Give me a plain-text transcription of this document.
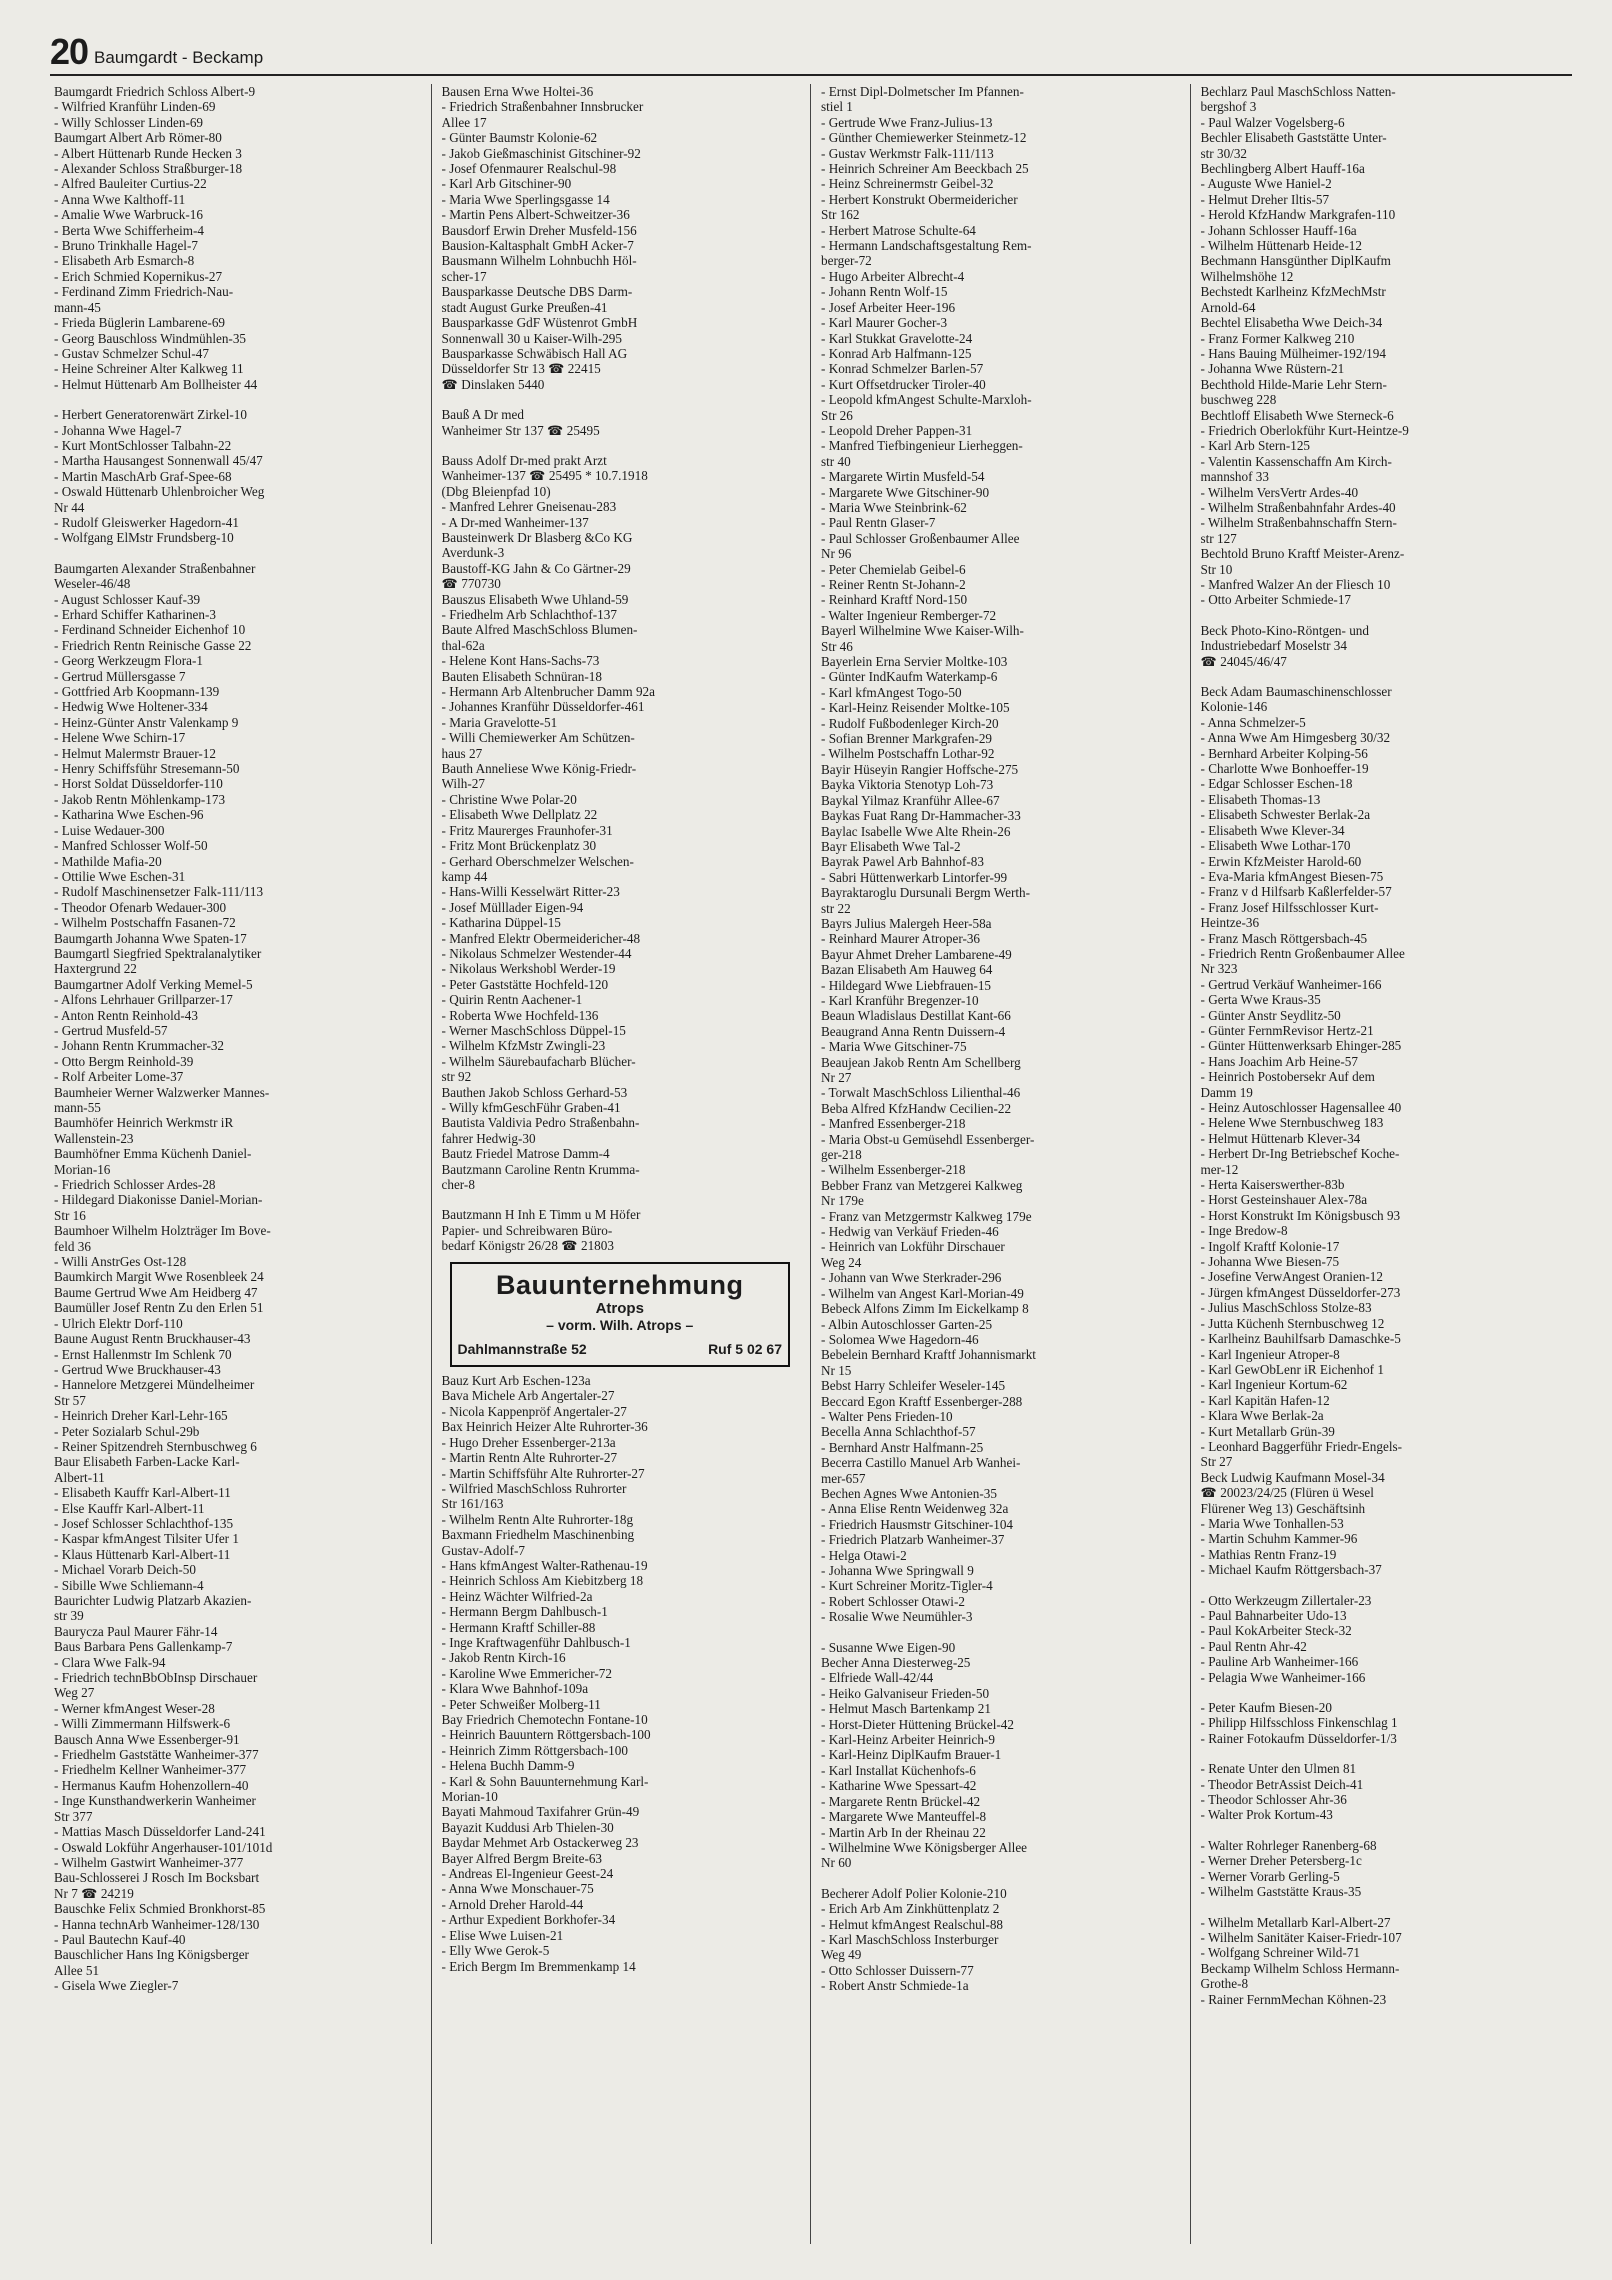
20 Baumgardt - Beckamp
Baumgardt Friedrich Schloss Albert-9
- Wilfried Kranführ Linden-69
- Willy Schlosser Linden-69
Baumgart Albert Arb Römer-80
- Albert Hüttenarb Runde Hecken 3
- Alexander Schloss Straßburger-18
- Alfred Bauleiter Curtius-22
- Anna Wwe Kalthoff-11
- Amalie Wwe Warbruck-16
- Berta Wwe Schifferheim-4
- Bruno Trinkhalle Hagel-7
- Elisabeth Arb Esmarch-8
- Erich Schmied Kopernikus-27
- Ferdinand Zimm Friedrich-Nau-
mann-45
- Frieda Büglerin Lambarene-69
- Georg Bauschloss Windmühlen-35
- Gustav Schmelzer Schul-47
- Heine Schreiner Alter Kalkweg 11
- Helmut Hüttenarb Am Bollheister 44
- Herbert Generatorenwärt Zirkel-10
- Johanna Wwe Hagel-7
- Kurt MontSchlosser Talbahn-22
- Martha Hausangest Sonnenwall 45/47
- Martin MaschArb Graf-Spee-68
- Oswald Hüttenarb Uhlenbroicher Weg
Nr 44
- Rudolf Gleiswerker Hagedorn-41
- Wolfgang ElMstr Frundsberg-10
Baumgarten Alexander Straßenbahner
Weseler-46/48
- August Schlosser Kauf-39
- Erhard Schiffer Katharinen-3
- Ferdinand Schneider Eichenhof 10
- Friedrich Rentn Reinische Gasse 22
- Georg Werkzeugm Flora-1
- Gertrud Müllersgasse 7
- Gottfried Arb Koopmann-139
- Hedwig Wwe Holtener-334
- Heinz-Günter Anstr Valenkamp 9
- Helene Wwe Schirn-17
- Helmut Malermstr Brauer-12
- Henry Schiffsführ Stresemann-50
- Horst Soldat Düsseldorfer-110
- Jakob Rentn Möhlenkamp-173
- Katharina Wwe Eschen-96
- Luise Wedauer-300
- Manfred Schlosser Wolf-50
- Mathilde Mafia-20
- Ottilie Wwe Eschen-31
- Rudolf Maschinensetzer Falk-111/113
- Theodor Ofenarb Wedauer-300
- Wilhelm Postschaffn Fasanen-72
Baumgarth Johanna Wwe Spaten-17
Baumgartl Siegfried Spektralanalytiker
Haxtergrund 22
Baumgartner Adolf Verking Memel-5
- Alfons Lehrhauer Grillparzer-17
- Anton Rentn Reinhold-43
- Gertrud Musfeld-57
- Johann Rentn Krummacher-32
- Otto Bergm Reinhold-39
- Rolf Arbeiter Lome-37
Baumheier Werner Walzwerker Mannes-
mann-55
Baumhöfer Heinrich Werkmstr iR
Wallenstein-23
Baumhöfner Emma Küchenh Daniel-
Morian-16
- Friedrich Schlosser Ardes-28
- Hildegard Diakonisse Daniel-Morian-
Str 16
Baumhoer Wilhelm Holzträger Im Bove-
feld 36
- Willi AnstrGes Ost-128
Baumkirch Margit Wwe Rosenbleek 24
Baume Gertrud Wwe Am Heidberg 47
Baumüller Josef Rentn Zu den Erlen 51
- Ulrich Elektr Dorf-110
Baune August Rentn Bruckhauser-43
- Ernst Hallenmstr Im Schlenk 70
- Gertrud Wwe Bruckhauser-43
- Hannelore Metzgerei Mündelheimer
Str 57
- Heinrich Dreher Karl-Lehr-165
- Peter Sozialarb Schul-29b
- Reiner Spitzendreh Sternbuschweg 6
Baur Elisabeth Farben-Lacke Karl-
Albert-11
- Elisabeth Kauffr Karl-Albert-11
- Else Kauffr Karl-Albert-11
- Josef Schlosser Schlachthof-135
- Kaspar kfmAngest Tilsiter Ufer 1
- Klaus Hüttenarb Karl-Albert-11
- Michael Vorarb Deich-50
- Sibille Wwe Schliemann-4
Baurichter Ludwig Platzarb Akazien-
str 39
Baurycza Paul Maurer Fähr-14
Baus Barbara Pens Gallenkamp-7
- Clara Wwe Falk-94
- Friedrich technBbObInsp Dirschauer
Weg 27
- Werner kfmAngest Weser-28
- Willi Zimmermann Hilfswerk-6
Bausch Anna Wwe Essenberger-91
- Friedhelm Gaststätte Wanheimer-377
- Friedhelm Kellner Wanheimer-377
- Hermanus Kaufm Hohenzollern-40
- Inge Kunsthandwerkerin Wanheimer
Str 377
- Mattias Masch Düsseldorfer Land-241
- Oswald Lokführ Angerhauser-101/101d
- Wilhelm Gastwirt Wanheimer-377
Bau-Schlosserei J Rosch Im Bocksbart
Nr 7 ☎ 24219
Bauschke Felix Schmied Bronkhorst-85
- Hanna technArb Wanheimer-128/130
- Paul Bautechn Kauf-40
Bauschlicher Hans Ing Königsberger
Allee 51
- Gisela Wwe Ziegler-7
Bausen Erna Wwe Holtei-36
- Friedrich Straßenbahner Innsbrucker
Allee 17
- Günter Baumstr Kolonie-62
- Jakob Gießmaschinist Gitschiner-92
- Josef Ofenmaurer Realschul-98
- Karl Arb Gitschiner-90
- Maria Wwe Sperlingsgasse 14
- Martin Pens Albert-Schweitzer-36
Bausdorf Erwin Dreher Musfeld-156
Bausion-Kaltasphalt GmbH Acker-7
Bausmann Wilhelm Lohnbuchh Höl-
scher-17
Bausparkasse Deutsche DBS Darm-
stadt August Gurke Preußen-41
Bausparkasse GdF Wüstenrot GmbH
Sonnenwall 30 u Kaiser-Wilh-295
Bausparkasse Schwäbisch Hall AG
Düsseldorfer Str 13 ☎ 22415
☎ Dinslaken 5440
Bauß A Dr med
Wanheimer Str 137 ☎ 25495
Bauss Adolf Dr-med prakt Arzt
Wanheimer-137 ☎ 25495 * 10.7.1918
(Dbg Bleienpfad 10)
- Manfred Lehrer Gneisenau-283
- A Dr-med Wanheimer-137
Bausteinwerk Dr Blasberg &Co KG
Averdunk-3
Baustoff-KG Jahn & Co Gärtner-29
☎ 770730
Bauszus Elisabeth Wwe Uhland-59
- Friedhelm Arb Schlachthof-137
Baute Alfred MaschSchloss Blumen-
thal-62a
- Helene Kont Hans-Sachs-73
Bauten Elisabeth Schnüran-18
- Hermann Arb Altenbrucher Damm 92a
- Johannes Kranführ Düsseldorfer-461
- Maria Gravelotte-51
- Willi Chemiewerker Am Schützen-
haus 27
Bauth Anneliese Wwe König-Friedr-
Wilh-27
- Christine Wwe Polar-20
- Elisabeth Wwe Dellplatz 22
- Fritz Maurerges Fraunhofer-31
- Fritz Mont Brückenplatz 30
- Gerhard Oberschmelzer Welschen-
kamp 44
- Hans-Willi Kesselwärt Ritter-23
- Josef Mülllader Eigen-94
- Katharina Düppel-15
- Manfred Elektr Obermeidericher-48
- Nikolaus Schmelzer Westender-44
- Nikolaus Werkshobl Werder-19
- Peter Gaststätte Hochfeld-120
- Quirin Rentn Aachener-1
- Roberta Wwe Hochfeld-136
- Werner MaschSchloss Düppel-15
- Wilhelm KfzMstr Zwingli-23
- Wilhelm Säurebaufacharb Blücher-
str 92
Bauthen Jakob Schloss Gerhard-53
- Willy kfmGeschFühr Graben-41
Bautista Valdivia Pedro Straßenbahn-
fahrer Hedwig-30
Bautz Friedel Matrose Damm-4
Bautzmann Caroline Rentn Krumma-
cher-8
Bautzmann H Inh E Timm u M Höfer
Papier- und Schreibwaren Büro-
bedarf Königstr 26/28 ☎ 21803
Bauunternehmung
Atrops
– vorm. Wilh. Atrops –
Dahlmannstraße 52	Ruf 5 02 67
Bauz Kurt Arb Eschen-123a
Bava Michele Arb Angertaler-27
- Nicola Kappenpröf Angertaler-27
Bax Heinrich Heizer Alte Ruhrorter-36
- Hugo Dreher Essenberger-213a
- Martin Rentn Alte Ruhrorter-27
- Martin Schiffsführ Alte Ruhrorter-27
- Wilfried MaschSchloss Ruhrorter
Str 161/163
- Wilhelm Rentn Alte Ruhrorter-18g
Baxmann Friedhelm Maschinenbing
Gustav-Adolf-7
- Hans kfmAngest Walter-Rathenau-19
- Heinrich Schloss Am Kiebitzberg 18
- Heinz Wächter Wilfried-2a
- Hermann Bergm Dahlbusch-1
- Hermann Kraftf Schiller-88
- Inge Kraftwagenführ Dahlbusch-1
- Jakob Rentn Kirch-16
- Karoline Wwe Emmericher-72
- Klara Wwe Bahnhof-109a
- Peter Schweißer Molberg-11
Bay Friedrich Chemotechn Fontane-10
- Heinrich Bauuntern Röttgersbach-100
- Heinrich Zimm Röttgersbach-100
- Helena Buchh Damm-9
- Karl & Sohn Bauunternehmung Karl-
Morian-10
Bayati Mahmoud Taxifahrer Grün-49
Bayazit Kuddusi Arb Thielen-30
Baydar Mehmet Arb Ostackerweg 23
Bayer Alfred Bergm Breite-63
- Andreas El-Ingenieur Geest-24
- Anna Wwe Monschauer-75
- Arnold Dreher Harold-44
- Arthur Expedient Borkhofer-34
- Elise Wwe Luisen-21
- Elly Wwe Gerok-5
- Erich Bergm Im Bremmenkamp 14
- Ernst Dipl-Dolmetscher Im Pfannen-
stiel 1
- Gertrude Wwe Franz-Julius-13
- Günther Chemiewerker Steinmetz-12
- Gustav Werkmstr Falk-111/113
- Heinrich Schreiner Am Beeckbach 25
- Heinz Schreinermstr Geibel-32
- Herbert Konstrukt Obermeidericher
Str 162
- Herbert Matrose Schulte-64
- Hermann Landschaftsgestaltung Rem-
berger-72
- Hugo Arbeiter Albrecht-4
- Johann Rentn Wolf-15
- Josef Arbeiter Heer-196
- Karl Maurer Gocher-3
- Karl Stukkat Gravelotte-24
- Konrad Arb Halfmann-125
- Konrad Schmelzer Barlen-57
- Kurt Offsetdrucker Tiroler-40
- Leopold kfmAngest Schulte-Marxloh-
Str 26
- Leopold Dreher Pappen-31
- Manfred Tiefbingenieur Lierheggen-
str 40
- Margarete Wirtin Musfeld-54
- Margarete Wwe Gitschiner-90
- Maria Wwe Steinbrink-62
- Paul Rentn Glaser-7
- Paul Schlosser Großenbaumer Allee
Nr 96
- Peter Chemielab Geibel-6
- Reiner Rentn St-Johann-2
- Reinhard Kraftf Nord-150
- Walter Ingenieur Remberger-72
Bayerl Wilhelmine Wwe Kaiser-Wilh-
Str 46
Bayerlein Erna Servier Moltke-103
- Günter IndKaufm Waterkamp-6
- Karl kfmAngest Togo-50
- Karl-Heinz Reisender Moltke-105
- Rudolf Fußbodenleger Kirch-20
- Sofian Brenner Markgrafen-29
- Wilhelm Postschaffn Lothar-92
Bayir Hüseyin Rangier Hoffsche-275
Bayka Viktoria Stenotyp Loh-73
Baykal Yilmaz Kranführ Allee-67
Baykas Fuat Rang Dr-Hammacher-33
Baylac Isabelle Wwe Alte Rhein-26
Bayr Elisabeth Wwe Tal-2
Bayrak Pawel Arb Bahnhof-83
- Sabri Hüttenwerkarb Lintorfer-99
Bayraktaroglu Dursunali Bergm Werth-
str 22
Bayrs Julius Malergeh Heer-58a
- Reinhard Maurer Atroper-36
Bayur Ahmet Dreher Lambarene-49
Bazan Elisabeth Am Hauweg 64
- Hildegard Wwe Liebfrauen-15
- Karl Kranführ Bregenzer-10
Beaun Wladislaus Destillat Kant-66
Beaugrand Anna Rentn Duissern-4
- Maria Wwe Gitschiner-75
Beaujean Jakob Rentn Am Schellberg
Nr 27
- Torwalt MaschSchloss Lilienthal-46
Beba Alfred KfzHandw Cecilien-22
- Manfred Essenberger-218
- Maria Obst-u Gemüsehdl Essenberger-
ger-218
- Wilhelm Essenberger-218
Bebber Franz van Metzgerei Kalkweg
Nr 179e
- Franz van Metzgermstr Kalkweg 179e
- Hedwig van Verkäuf Frieden-46
- Heinrich van Lokführ Dirschauer
Weg 24
- Johann van Wwe Sterkrader-296
- Wilhelm van Angest Karl-Morian-49
Bebeck Alfons Zimm Im Eickelkamp 8
- Albin Autoschlosser Garten-25
- Solomea Wwe Hagedorn-46
Bebelein Bernhard Kraftf Johannismarkt
Nr 15
Bebst Harry Schleifer Weseler-145
Beccard Egon Kraftf Essenberger-288
- Walter Pens Frieden-10
Becella Anna Schlachthof-57
- Bernhard Anstr Halfmann-25
Becerra Castillo Manuel Arb Wanhei-
mer-657
Bechen Agnes Wwe Antonien-35
- Anna Elise Rentn Weidenweg 32a
- Friedrich Hausmstr Gitschiner-104
- Friedrich Platzarb Wanheimer-37
- Helga Otawi-2
- Johanna Wwe Springwall 9
- Kurt Schreiner Moritz-Tigler-4
- Robert Schlosser Otawi-2
- Rosalie Wwe Neumühler-3
- Susanne Wwe Eigen-90
Becher Anna Diesterweg-25
- Elfriede Wall-42/44
- Heiko Galvaniseur Frieden-50
- Helmut Masch Bartenkamp 21
- Horst-Dieter Hüttening Brückel-42
- Karl-Heinz Arbeiter Heinrich-9
- Karl-Heinz DiplKaufm Brauer-1
- Karl Installat Küchenhofs-6
- Katharine Wwe Spessart-42
- Margarete Rentn Brückel-42
- Margarete Wwe Manteuffel-8
- Martin Arb In der Rheinau 22
- Wilhelmine Wwe Königsberger Allee
Nr 60
Becherer Adolf Polier Kolonie-210
- Erich Arb Am Zinkhüttenplatz 2
- Helmut kfmAngest Realschul-88
- Karl MaschSchloss Insterburger
Weg 49
- Otto Schlosser Duissern-77
- Robert Anstr Schmiede-1a
Bechlarz Paul MaschSchloss Natten-
bergshof 3
- Paul Walzer Vogelsberg-6
Bechler Elisabeth Gaststätte Unter-
str 30/32
Bechlingberg Albert Hauff-16a
- Auguste Wwe Haniel-2
- Helmut Dreher Iltis-57
- Herold KfzHandw Markgrafen-110
- Johann Schlosser Hauff-16a
- Wilhelm Hüttenarb Heide-12
Bechmann Hansgünther DiplKaufm
Wilhelmshöhe 12
Bechstedt Karlheinz KfzMechMstr
Arnold-64
Bechtel Elisabetha Wwe Deich-34
- Franz Former Kalkweg 210
- Hans Bauing Mülheimer-192/194
- Johanna Wwe Rüstern-21
Bechthold Hilde-Marie Lehr Stern-
buschweg 228
Bechtloff Elisabeth Wwe Sterneck-6
- Friedrich Oberlokführ Kurt-Heintze-9
- Karl Arb Stern-125
- Valentin Kassenschaffn Am Kirch-
mannshof 33
- Wilhelm VersVertr Ardes-40
- Wilhelm Straßenbahnfahr Ardes-40
- Wilhelm Straßenbahnschaffn Stern-
str 127
Bechtold Bruno Kraftf Meister-Arenz-
Str 10
- Manfred Walzer An der Fliesch 10
- Otto Arbeiter Schmiede-17
Beck Photo-Kino-Röntgen- und
Industriebedarf Moselstr 34
☎ 24045/46/47
Beck Adam Baumaschinenschlosser
Kolonie-146
- Anna Schmelzer-5
- Anna Wwe Am Himgesberg 30/32
- Bernhard Arbeiter Kolping-56
- Charlotte Wwe Bonhoeffer-19
- Edgar Schlosser Eschen-18
- Elisabeth Thomas-13
- Elisabeth Schwester Berlak-2a
- Elisabeth Wwe Klever-34
- Elisabeth Wwe Lothar-170
- Erwin KfzMeister Harold-60
- Eva-Maria kfmAngest Biesen-75
- Franz v d Hilfsarb Kaßlerfelder-57
- Franz Josef Hilfsschlosser Kurt-
Heintze-36
- Franz Masch Röttgersbach-45
- Friedrich Rentn Großenbaumer Allee
Nr 323
- Gertrud Verkäuf Wanheimer-166
- Gerta Wwe Kraus-35
- Günter Anstr Seydlitz-50
- Günter FernmRevisor Hertz-21
- Günter Hüttenwerksarb Ehinger-285
- Hans Joachim Arb Heine-57
- Heinrich Postobersekr Auf dem
Damm 19
- Heinz Autoschlosser Hagensallee 40
- Helene Wwe Sternbuschweg 183
- Helmut Hüttenarb Klever-34
- Herbert Dr-Ing Betriebschef Koche-
mer-12
- Herta Kaiserswerther-83b
- Horst Gesteinshauer Alex-78a
- Horst Konstrukt Im Königsbusch 93
- Inge Bredow-8
- Ingolf Kraftf Kolonie-17
- Johanna Wwe Biesen-75
- Josefine VerwAngest Oranien-12
- Jürgen kfmAngest Düsseldorfer-273
- Julius MaschSchloss Stolze-83
- Jutta Küchenh Sternbuschweg 12
- Karlheinz Bauhilfsarb Damaschke-5
- Karl Ingenieur Atroper-8
- Karl GewObLenr iR Eichenhof 1
- Karl Ingenieur Kortum-62
- Karl Kapitän Hafen-12
- Klara Wwe Berlak-2a
- Kurt Metallarb Grün-39
- Leonhard Baggerführ Friedr-Engels-
Str 27
Beck Ludwig Kaufmann Mosel-34
☎ 20023/24/25 (Flüren ü Wesel
Flürener Weg 13) Geschäftsinh
- Maria Wwe Tonhallen-53
- Martin Schuhm Kammer-96
- Mathias Rentn Franz-19
- Michael Kaufm Röttgersbach-37
- Otto Werkzeugm Zillertaler-23
- Paul Bahnarbeiter Udo-13
- Paul KokArbeiter Steck-32
- Paul Rentn Ahr-42
- Pauline Arb Wanheimer-166
- Pelagia Wwe Wanheimer-166
- Peter Kaufm Biesen-20
- Philipp Hilfsschloss Finkenschlag 1
- Rainer Fotokaufm Düsseldorfer-1/3
- Renate Unter den Ulmen 81
- Theodor BetrAssist Deich-41
- Theodor Schlosser Ahr-36
- Walter Prok Kortum-43
- Walter Rohrleger Ranenberg-68
- Werner Dreher Petersberg-1c
- Werner Vorarb Gerling-5
- Wilhelm Gaststätte Kraus-35
- Wilhelm Metallarb Karl-Albert-27
- Wilhelm Sanitäter Kaiser-Friedr-107
- Wolfgang Schreiner Wild-71
Beckamp Wilhelm Schloss Hermann-
Grothe-8
- Rainer FernmMechan Köhnen-23
